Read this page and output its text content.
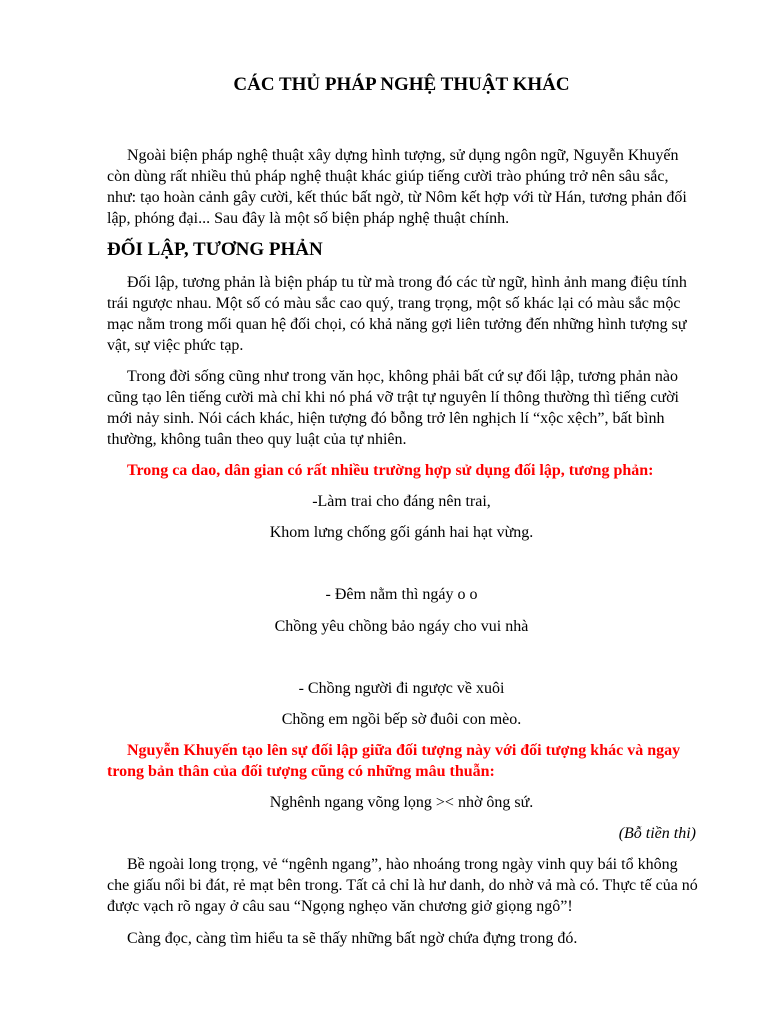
CÁC THỦ PHÁP NGHỆ THUẬT KHÁC
Ngoài biện pháp nghệ thuật xây dựng hình tượng, sử dụng ngôn ngữ, Nguyễn Khuyến còn dùng rất nhiều thủ pháp nghệ thuật khác giúp tiếng cười trào phúng trở nên sâu sắc, như: tạo hoàn cảnh gây cười, kết thúc bất ngờ, từ Nôm kết hợp với từ Hán, tương phản đối lập, phóng đại... Sau đây là một số biện pháp nghệ thuật chính.
ĐỐI LẬP, TƯƠNG PHẢN
Đối lập, tương phản là biện pháp tu từ mà trong đó các từ ngữ, hình ảnh mang điệu tính trái ngược nhau. Một số có màu sắc cao quý, trang trọng, một số khác lại có màu sắc mộc mạc nằm trong mối quan hệ đối chọi, có khả năng gợi liên tưởng đến những hình tượng sự vật, sự việc phức tạp.
Trong đời sống cũng như trong văn học, không phải bất cứ sự đối lập, tương phản nào cũng tạo lên tiếng cười mà chỉ khi nó phá vỡ trật tự nguyên lí thông thường thì tiếng cười mới nảy sinh. Nói cách khác, hiện tượng đó bỗng trở lên nghịch lí “xộc xệch”, bất bình thường, không tuân theo quy luật của tự nhiên.
Trong ca dao, dân gian có rất nhiều trường hợp sử dụng đối lập, tương phản:
-Làm trai cho đáng nên trai,
Khom lưng chống gối gánh hai hạt vừng.
- Đêm nằm thì ngáy o o
Chồng yêu chồng bảo ngáy cho vui nhà
- Chồng người đi ngược về xuôi
Chồng em ngồi bếp sờ đuôi con mèo.
Nguyễn Khuyến tạo lên sự đối lập giữa đối tượng này với đối tượng khác và ngay trong bản thân của đối tượng cũng có những mâu thuẫn:
Nghênh ngang võng lọng >< nhờ ông sứ.
(Bỗ tiền thi)
Bề ngoài long trọng, vẻ “ngênh ngang”, hào nhoáng trong ngày vinh quy bái tổ không che giấu nổi bi đát, rẻ mạt bên trong. Tất cả chỉ là hư danh, do nhờ vả mà có. Thực tế của nó được vạch rõ ngay ở câu sau “Ngọng nghẹo văn chương giở giọng ngô”!
Càng đọc, càng tìm hiểu ta sẽ thấy những bất ngờ chứa đựng trong đó.
